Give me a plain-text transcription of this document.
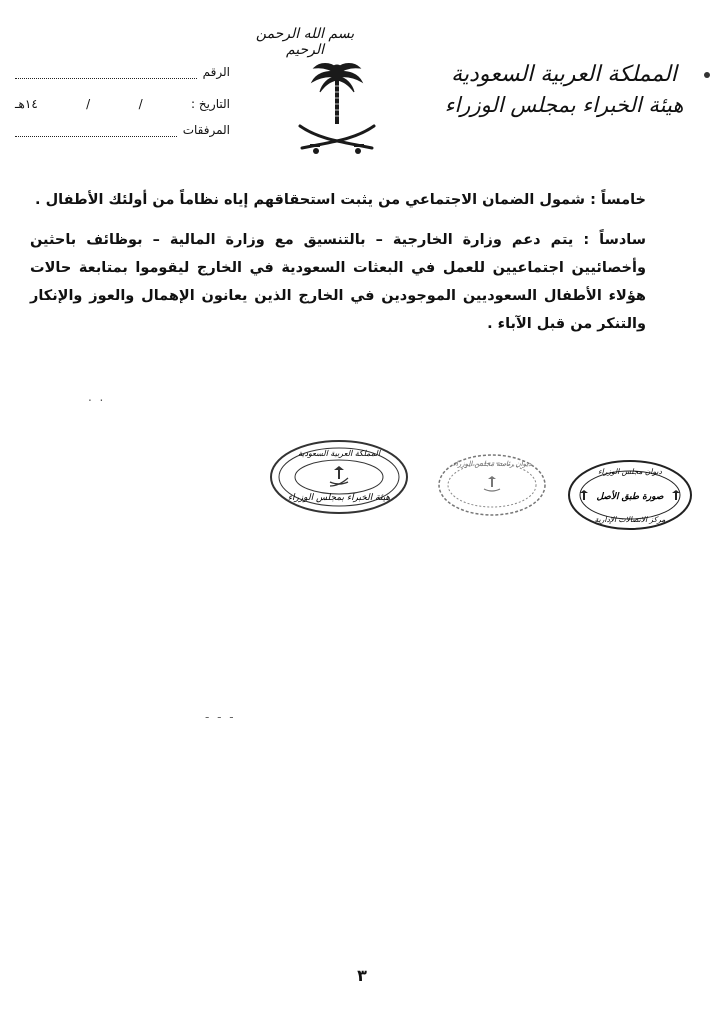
بسم الله الرحمن الرحيم
المملكة العربية السعودية
هيئة الخبراء بمجلس الوزراء
الرقم
التاريخ :
/
/
١٤هـ
المرفقات

خامساً : شمول الضمان الاجتماعي من يثبت استحقاقهم إياه نظاماً من أولئك الأطفال .

سادساً : يتم دعم وزارة الخارجية – بالتنسيق مع وزارة المالية – بوظائف باحثين وأخصائيين اجتماعيين للعمل في البعثات السعودية في الخارج ليقوموا بمتابعة حالات هؤلاء الأطفال السعوديين الموجودين في الخارج الذين يعانون الإهمال والعوز والإنكار والتنكر من قبل الآباء .

.  .
المملكة العربية السعودية
هيئة الخبراء بمجلس الوزراء
ديوان رئاسة مجلس الوزراء
ديوان مجلس الوزراء
صورة طبق الأصل
مركز الاتصالات الإدارية
- - -
٣
